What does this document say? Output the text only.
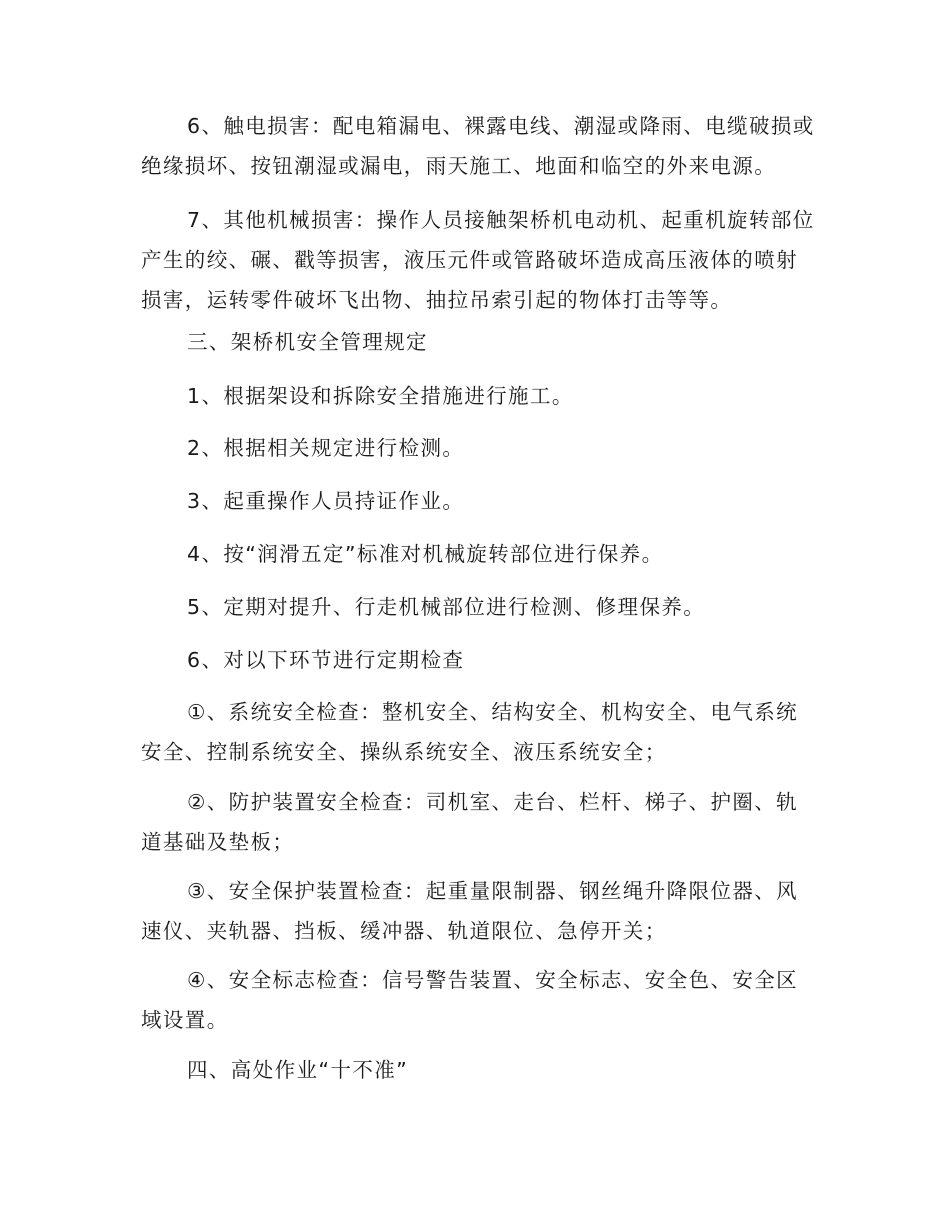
6、触电损害：配电箱漏电、裸露电线、潮湿或降雨、电缆破损或
绝缘损坏、按钮潮湿或漏电，雨天施工、地面和临空的外来电源。
7、其他机械损害：操作人员接触架桥机电动机、起重机旋转部位
产生的绞、碾、戳等损害，液压元件或管路破坏造成高压液体的喷射
损害，运转零件破坏飞出物、抽拉吊索引起的物体打击等等。
三、架桥机安全管理规定
1、根据架设和拆除安全措施进行施工。
2、根据相关规定进行检测。
3、起重操作人员持证作业。
4、按“润滑五定”标准对机械旋转部位进行保养。
5、定期对提升、行走机械部位进行检测、修理保养。
6、对以下环节进行定期检查
①、系统安全检查：整机安全、结构安全、机构安全、电气系统
安全、控制系统安全、操纵系统安全、液压系统安全；
②、防护装置安全检查：司机室、走台、栏杆、梯子、护圈、轨
道基础及垫板；
③、安全保护装置检查：起重量限制器、钢丝绳升降限位器、风
速仪、夹轨器、挡板、缓冲器、轨道限位、急停开关；
④、安全标志检查：信号警告装置、安全标志、安全色、安全区
域设置。
四、高处作业“十不准”
